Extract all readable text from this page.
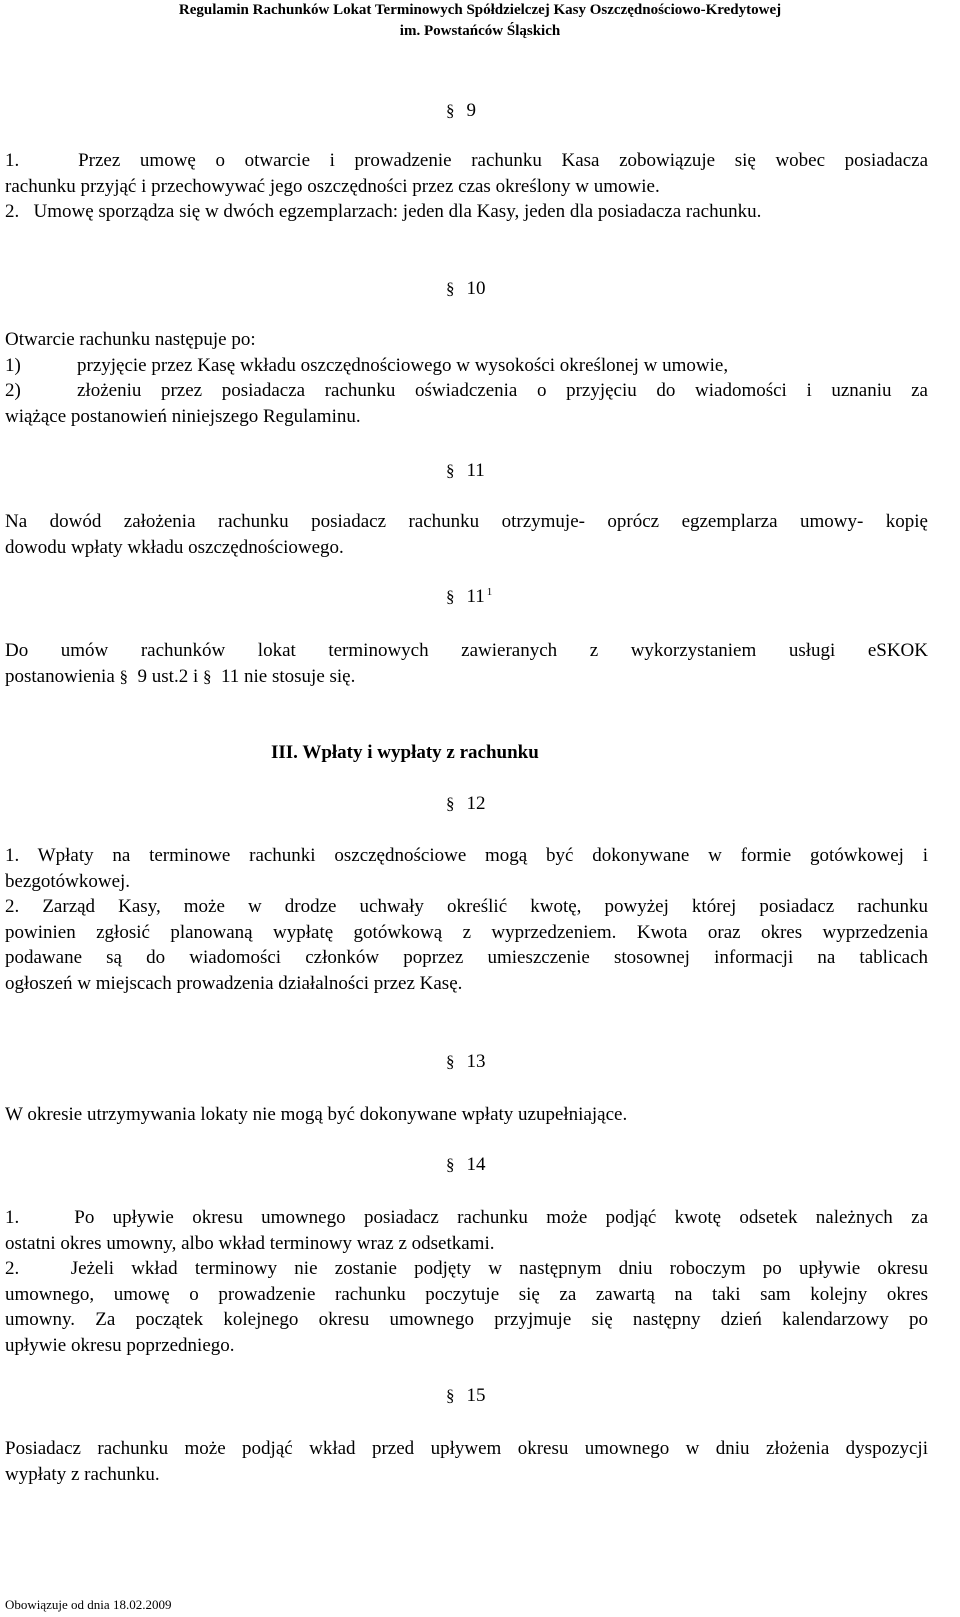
Regulamin Rachunków Lokat Terminowych Spółdzielczej Kasy Oszczędnościowo-Kredytowej
im. Powstańców Śląskich
§ 9
1.	Przez umowę o otwarcie i prowadzenie rachunku Kasa zobowiązuje się wobec posiadacza
rachunku przyjąć i przechowywać jego oszczędności przez czas określony w umowie.
2. Umowę sporządza się w dwóch egzemplarzach: jeden dla Kasy, jeden dla posiadacza rachunku.
§ 10
Otwarcie rachunku następuje po:
1)	przyjęcie przez Kasę wkładu oszczędnościowego w wysokości określonej w umowie,
2)	złożeniu przez posiadacza rachunku oświadczenia o przyjęciu do wiadomości i uznaniu za
wiążące postanowień niniejszego Regulaminu.
§ 11
Na dowód założenia rachunku posiadacz rachunku otrzymuje- oprócz egzemplarza umowy- kopię
dowodu wpłaty wkładu oszczędnościowego.
§ 11 $^1$
Do umów rachunków lokat terminowych zawieranych z wykorzystaniem usługi eSKOK
postanowienia § 9 ust.2 i § 11 nie stosuje się.
III. Wpłaty i wypłaty z rachunku
§ 12
1. Wpłaty na terminowe rachunki oszczędnościowe mogą być dokonywane w formie gotówkowej i
bezgotówkowej.
2. Zarząd Kasy, może w drodze uchwały określić kwotę, powyżej której posiadacz rachunku
powinien zgłosić planowaną wypłatę gotówkową z wyprzedzeniem. Kwota oraz okres wyprzedzenia
podawane są do wiadomości członków poprzez umieszczenie stosownej informacji na tablicach
ogłoszeń w miejscach prowadzenia działalności przez Kasę.
§ 13
W okresie utrzymywania lokaty nie mogą być dokonywane wpłaty uzupełniające.
§ 14
1.	Po upływie okresu umownego posiadacz rachunku może podjąć kwotę odsetek należnych za
ostatni okres umowny, albo wkład terminowy wraz z odsetkami.
2.	Jeżeli wkład terminowy nie zostanie podjęty w następnym dniu roboczym po upływie okresu
umownego, umowę o prowadzenie rachunku poczytuje się za zawartą na taki sam kolejny okres
umowny. Za początek kolejnego okresu umownego przyjmuje się następny dzień kalendarzowy po
upływie okresu poprzedniego.
§ 15
Posiadacz rachunku może podjąć wkład przed upływem okresu umownego w dniu złożenia dyspozycji
wypłaty z rachunku.
Obowiązuje od dnia 18.02.2009
